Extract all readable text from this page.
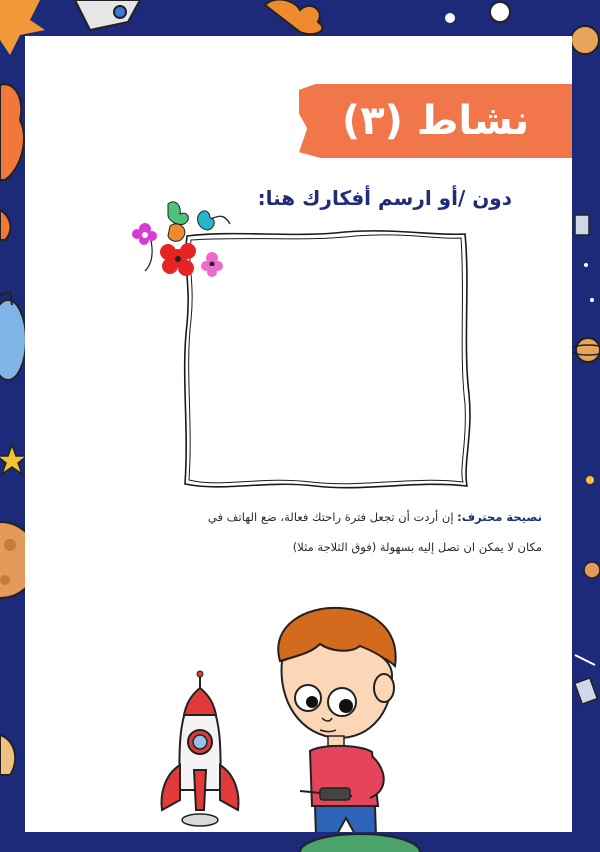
نشاط (٣)
دون /أو ارسم أفكارك هنا:
نصيحة محترف: إن أردت أن تجعل فترة راحتك فعالة، ضع الهاتف في
مكان لا يمكن ان تصل إليه بسهولة (فوق الثلاجة مثلا)
